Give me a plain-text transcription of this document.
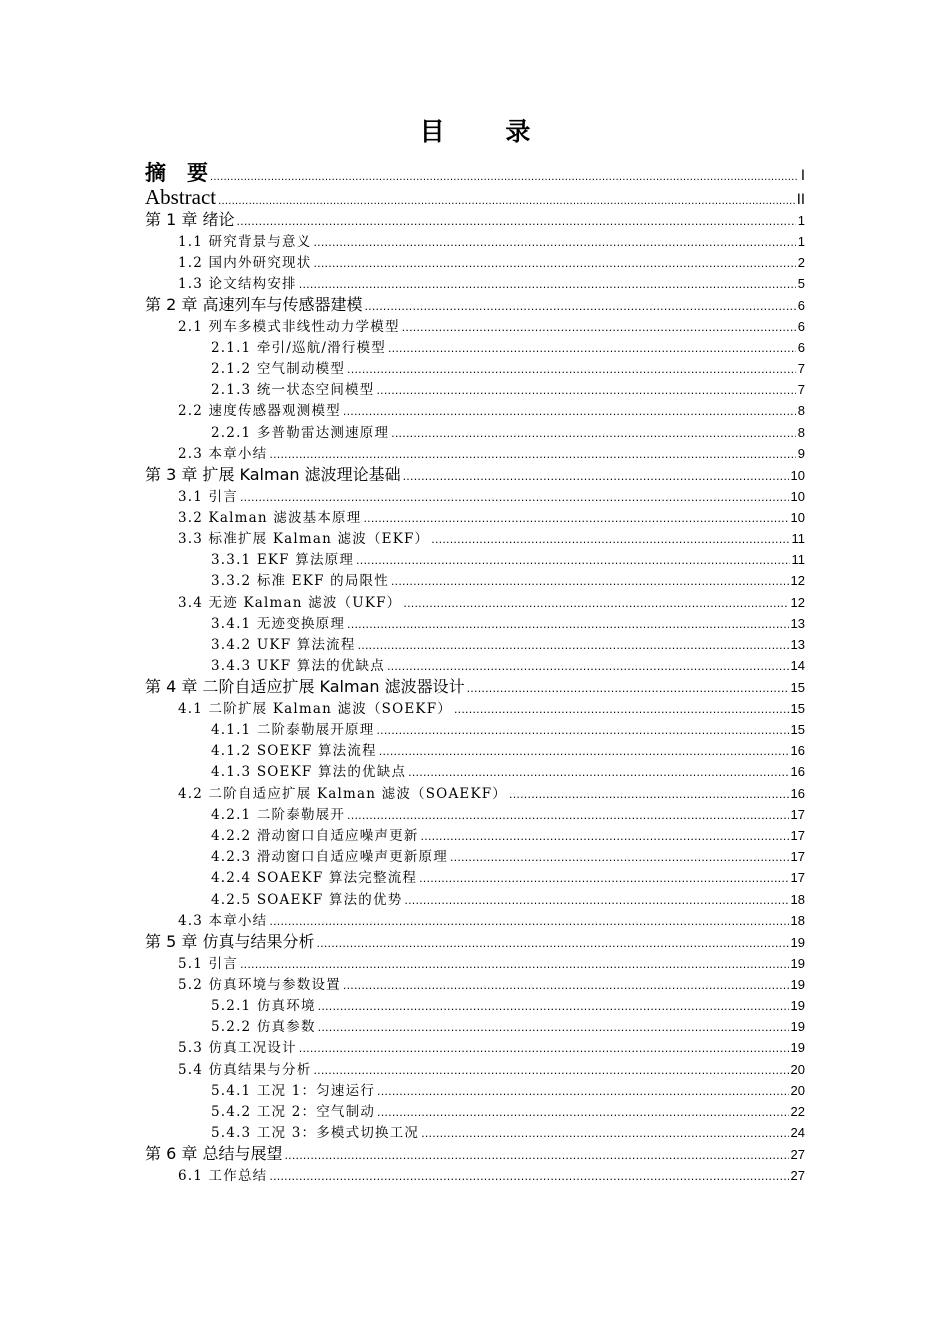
目 录
摘　要 .....	I
Abstract .....	II
第 1 章 绪论 .....	1
1.1 研究背景与意义 .....	1
1.2 国内外研究现状 .....	2
1.3 论文结构安排 .....	5
第 2 章 高速列车与传感器建模 .....	6
2.1 列车多模式非线性动力学模型 .....	6
2.1.1 牵引/巡航/滑行模型 .....	6
2.1.2 空气制动模型 .....	7
2.1.3 统一状态空间模型 .....	7
2.2 速度传感器观测模型 .....	8
2.2.1 多普勒雷达测速原理 .....	8
2.3 本章小结 .....	9
第 3 章 扩展 Kalman 滤波理论基础 .....	10
3.1 引言 .....	10
3.2 Kalman 滤波基本原理 .....	10
3.3 标准扩展 Kalman 滤波（EKF） .....	11
3.3.1 EKF 算法原理 .....	11
3.3.2 标准 EKF 的局限性 .....	12
3.4 无迹 Kalman 滤波（UKF） .....	12
3.4.1 无迹变换原理 .....	13
3.4.2 UKF 算法流程 .....	13
3.4.3 UKF 算法的优缺点 .....	14
第 4 章 二阶自适应扩展 Kalman 滤波器设计 .....	15
4.1 二阶扩展 Kalman 滤波（SOEKF） .....	15
4.1.1 二阶泰勒展开原理 .....	15
4.1.2 SOEKF 算法流程 .....	16
4.1.3 SOEKF 算法的优缺点 .....	16
4.2 二阶自适应扩展 Kalman 滤波（SOAEKF） .....	16
4.2.1 二阶泰勒展开 .....	17
4.2.2 滑动窗口自适应噪声更新 .....	17
4.2.3 滑动窗口自适应噪声更新原理 .....	17
4.2.4 SOAEKF 算法完整流程 .....	17
4.2.5 SOAEKF 算法的优势 .....	18
4.3 本章小结 .....	18
第 5 章 仿真与结果分析 .....	19
5.1 引言 .....	19
5.2 仿真环境与参数设置 .....	19
5.2.1 仿真环境 .....	19
5.2.2 仿真参数 .....	19
5.3 仿真工况设计 .....	19
5.4 仿真结果与分析 .....	20
5.4.1 工况 1：匀速运行 .....	20
5.4.2 工况 2：空气制动 .....	22
5.4.3 工况 3：多模式切换工况 .....	24
第 6 章 总结与展望 .....	27
6.1 工作总结 .....	27
